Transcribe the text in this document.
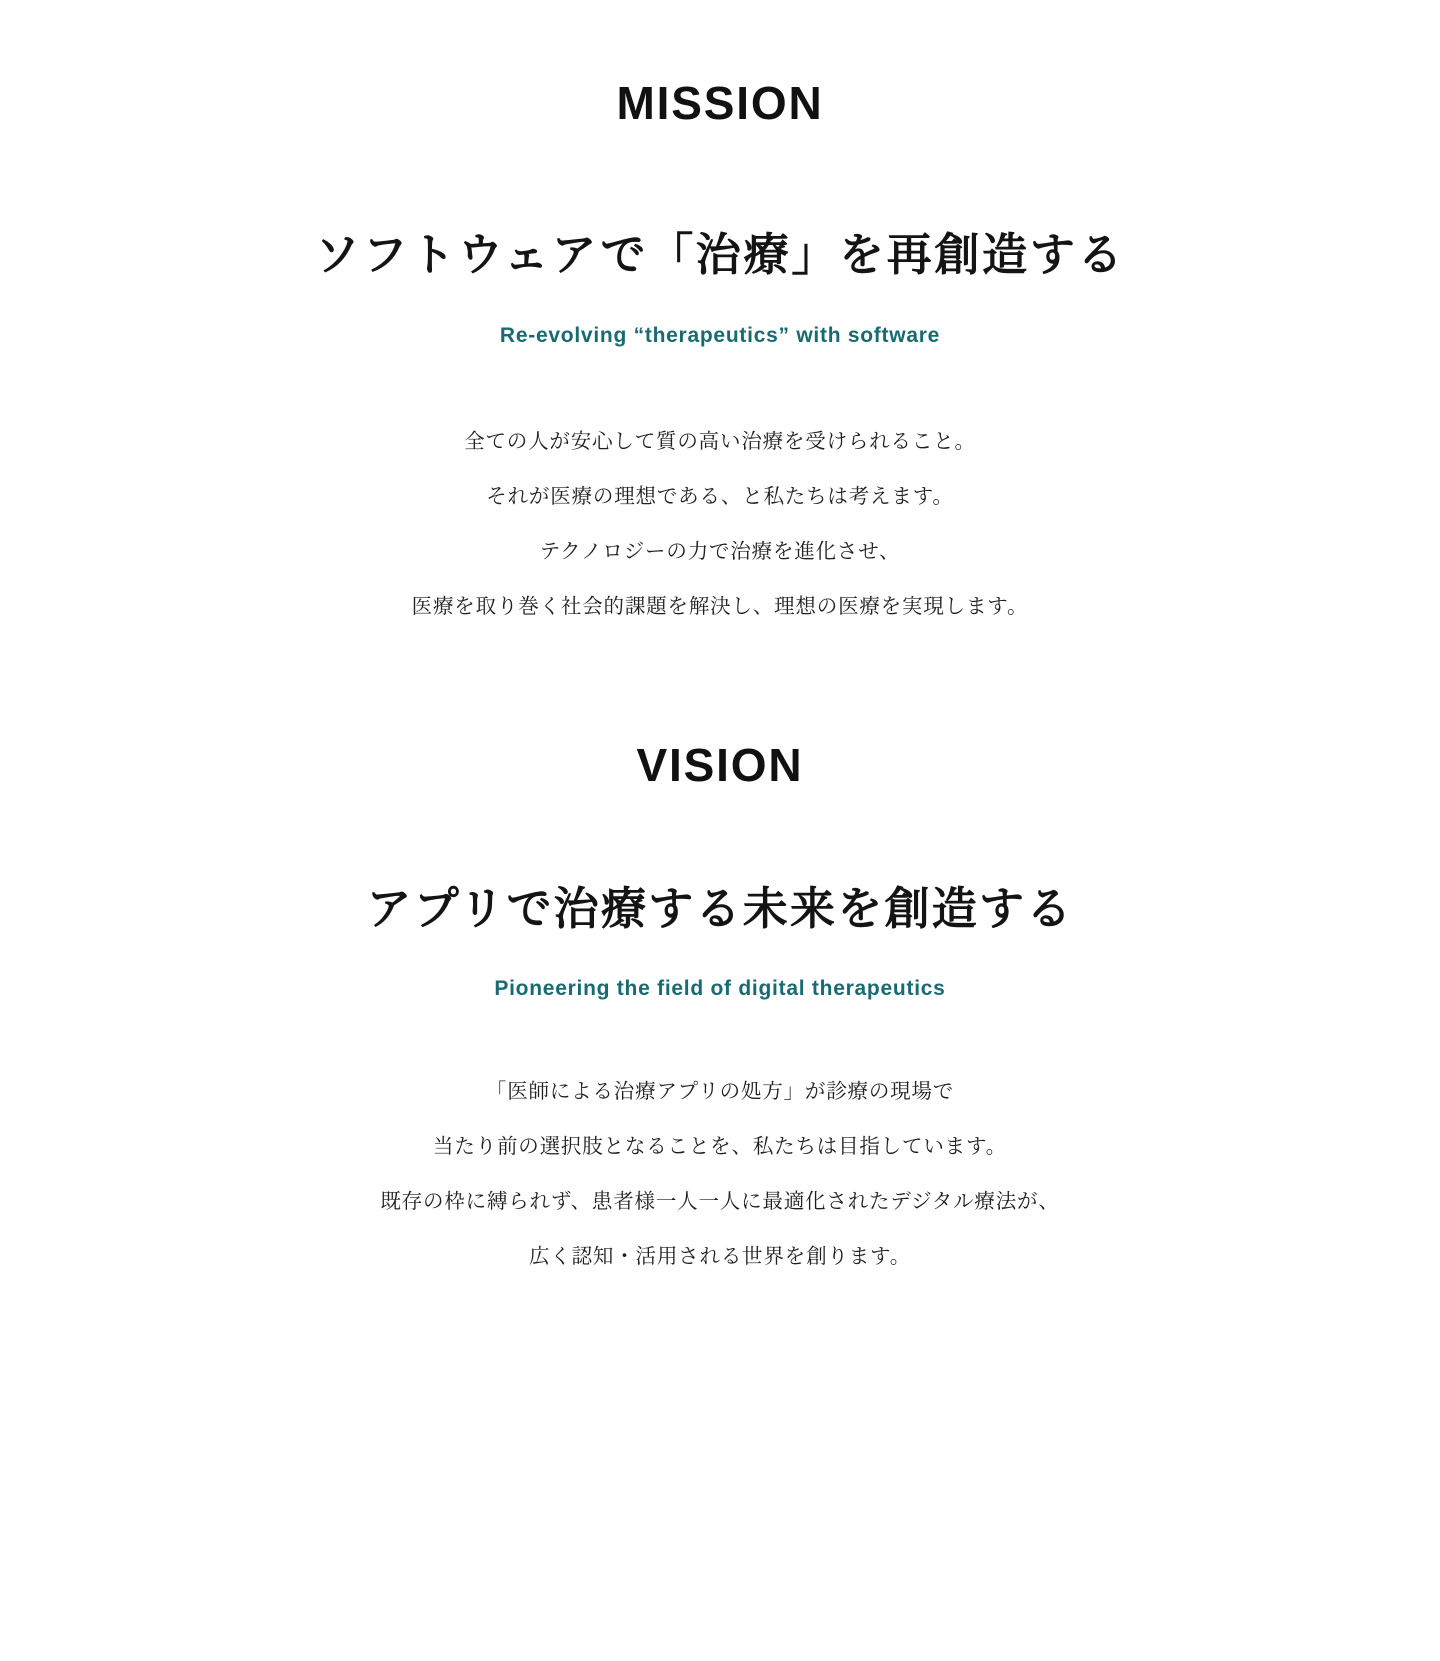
MISSION
ソフトウェアで「治療」を再創造する

Re-evolving “therapeutics” with software

全ての人が安心して質の高い治療を受けられること。
それが医療の理想である、と私たちは考えます。
テクノロジーの力で治療を進化させ、
医療を取り巻く社会的課題を解決し、理想の医療を実現します。
VISION
アプリで治療する未来を創造する

Pioneering the field of digital therapeutics

「医師による治療アプリの処方」が診療の現場で
当たり前の選択肢となることを、私たちは目指しています。
既存の枠に縛られず、患者様一人一人に最適化されたデジタル療法が、
広く認知・活用される世界を創ります。
